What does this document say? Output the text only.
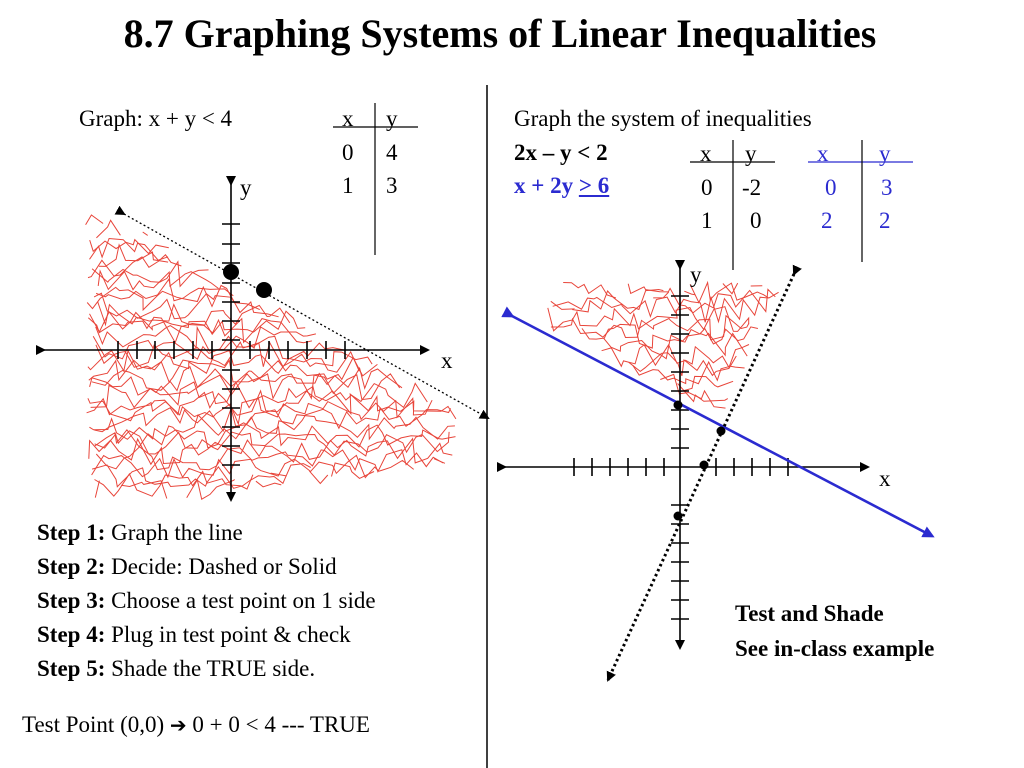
8.7 Graphing Systems of Linear Inequalities
Graph: x + y < 4	x y
0 4
1 3
y
x
Step 1: Graph the line
Step 2: Decide: Dashed or Solid
Step 3: Choose a test point on 1 side
Step 4: Plug in test point & check
Step 5: Shade the TRUE side.
Test Point (0,0) ➔ 0 + 0 < 4 --- TRUE
Graph the system of inequalities
2x – y < 2
x + 2y > 6
x y
0 -2
1 0
x y
0 3
2 2
y
x
Test and Shade
See in-class example
